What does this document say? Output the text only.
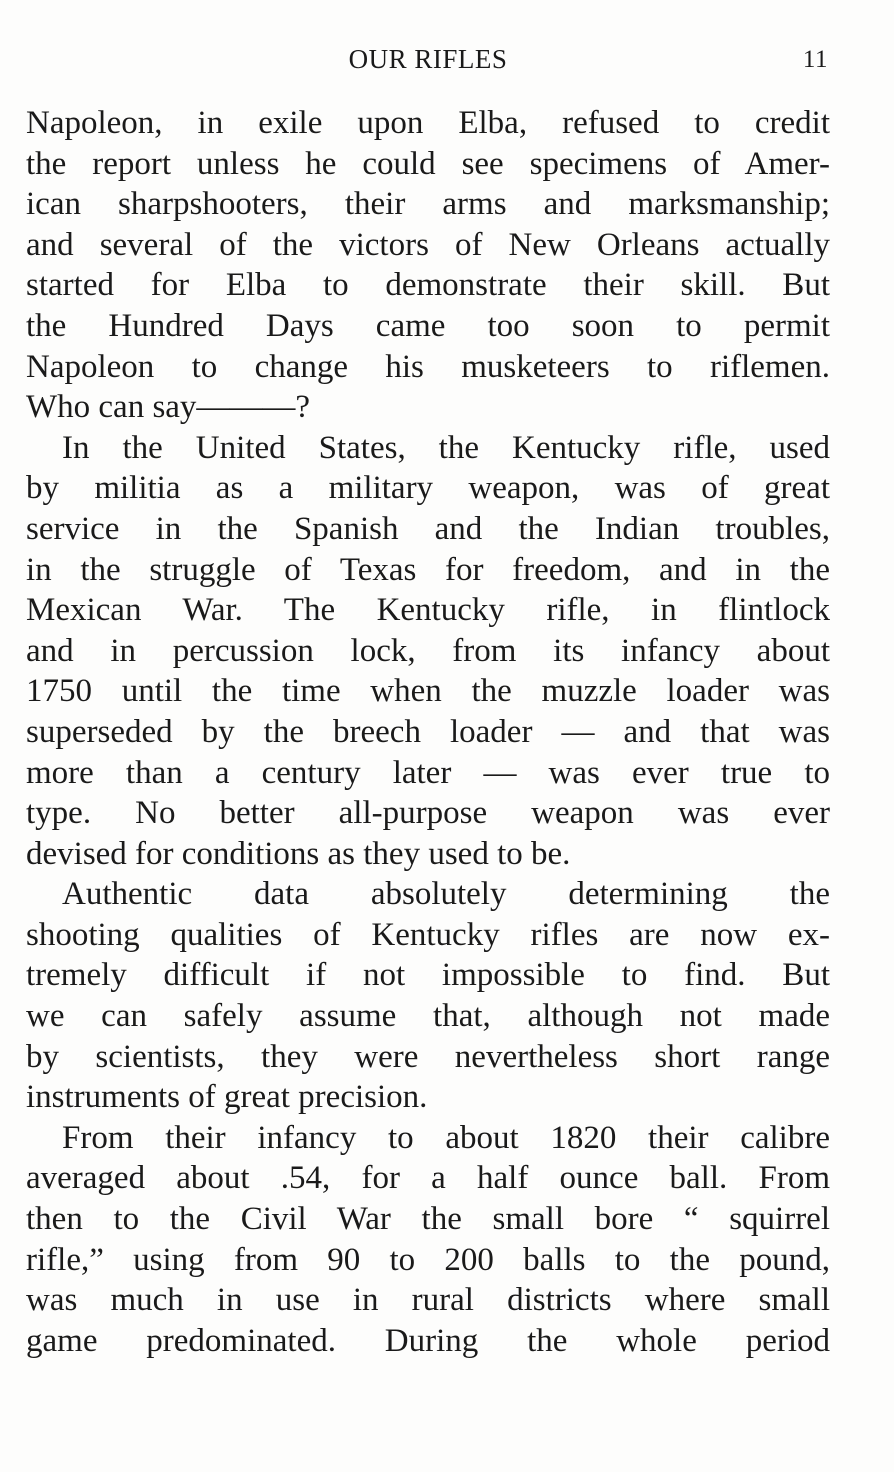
OUR RIFLES	11
Napoleon, in exile upon Elba, refused to credit
the report unless he could see specimens of Amer-
ican sharpshooters, their arms and marksmanship;
and several of the victors of New Orleans actually
started for Elba to demonstrate their skill. But
the Hundred Days came too soon to permit
Napoleon to change his musketeers to riflemen.
Who can say———?
In the United States, the Kentucky rifle, used
by militia as a military weapon, was of great
service in the Spanish and the Indian troubles,
in the struggle of Texas for freedom, and in the
Mexican War. The Kentucky rifle, in flintlock
and in percussion lock, from its infancy about
1750 until the time when the muzzle loader was
superseded by the breech loader — and that was
more than a century later — was ever true to
type. No better all-purpose weapon was ever
devised for conditions as they used to be.
Authentic data absolutely determining the
shooting qualities of Kentucky rifles are now ex-
tremely difficult if not impossible to find. But
we can safely assume that, although not made
by scientists, they were nevertheless short range
instruments of great precision.
From their infancy to about 1820 their calibre
averaged about .54, for a half ounce ball. From
then to the Civil War the small bore “ squirrel
rifle,” using from 90 to 200 balls to the pound,
was much in use in rural districts where small
game predominated. During the whole period
